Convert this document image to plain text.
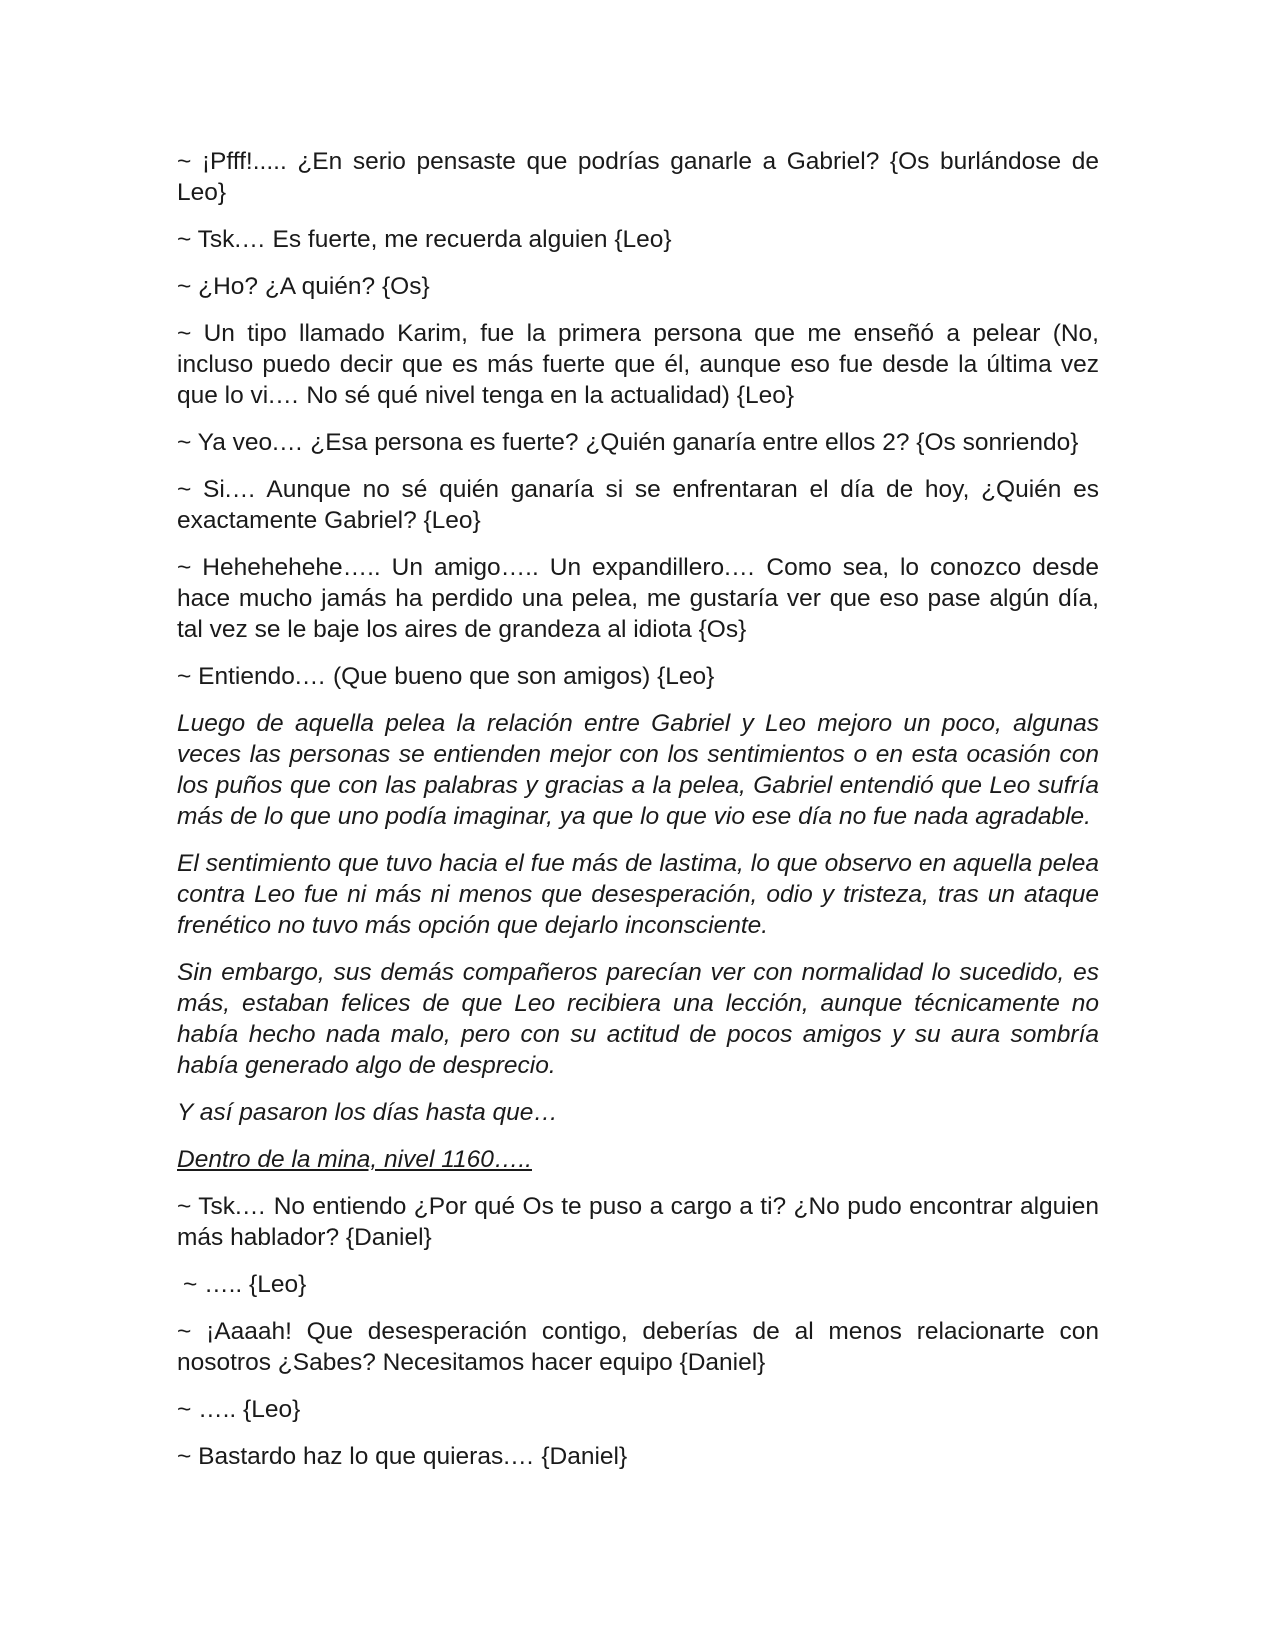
~ ¡Pfff!..... ¿En serio pensaste que podrías ganarle a Gabriel? {Os burlándose de Leo}

~ Tsk.… Es fuerte, me recuerda alguien {Leo}

~ ¿Ho? ¿A quién? {Os}

~ Un tipo llamado Karim, fue la primera persona que me enseñó a pelear (No, incluso puedo decir que es más fuerte que él, aunque eso fue desde la última vez que lo vi.… No sé qué nivel tenga en la actualidad) {Leo}

~ Ya veo.… ¿Esa persona es fuerte? ¿Quién ganaría entre ellos 2? {Os sonriendo}

~ Si.… Aunque no sé quién ganaría si se enfrentaran el día de hoy, ¿Quién es exactamente Gabriel? {Leo}

~ Hehehehehe….. Un amigo….. Un expandillero.… Como sea, lo conozco desde hace mucho jamás ha perdido una pelea, me gustaría ver que eso pase algún día, tal vez se le baje los aires de grandeza al idiota {Os}

~ Entiendo.… (Que bueno que son amigos) {Leo}

Luego de aquella pelea la relación entre Gabriel y Leo mejoro un poco, algunas veces las personas se entienden mejor con los sentimientos o en esta ocasión con los puños que con las palabras y gracias a la pelea, Gabriel entendió que Leo sufría más de lo que uno podía imaginar, ya que lo que vio ese día no fue nada agradable.

El sentimiento que tuvo hacia el fue más de lastima, lo que observo en aquella pelea contra Leo fue ni más ni menos que desesperación, odio y tristeza, tras un ataque frenético no tuvo más opción que dejarlo inconsciente.

Sin embargo, sus demás compañeros parecían ver con normalidad lo sucedido, es más, estaban felices de que Leo recibiera una lección, aunque técnicamente no había hecho nada malo, pero con su actitud de pocos amigos y su aura sombría había generado algo de desprecio.

Y así pasaron los días hasta que…

Dentro de la mina, nivel 1160…..

~ Tsk.… No entiendo ¿Por qué Os te puso a cargo a ti? ¿No pudo encontrar alguien más hablador? {Daniel}

~ ….. {Leo}

~ ¡Aaaah! Que desesperación contigo, deberías de al menos relacionarte con nosotros ¿Sabes? Necesitamos hacer equipo {Daniel}

~ ….. {Leo}

~ Bastardo haz lo que quieras.… {Daniel}
